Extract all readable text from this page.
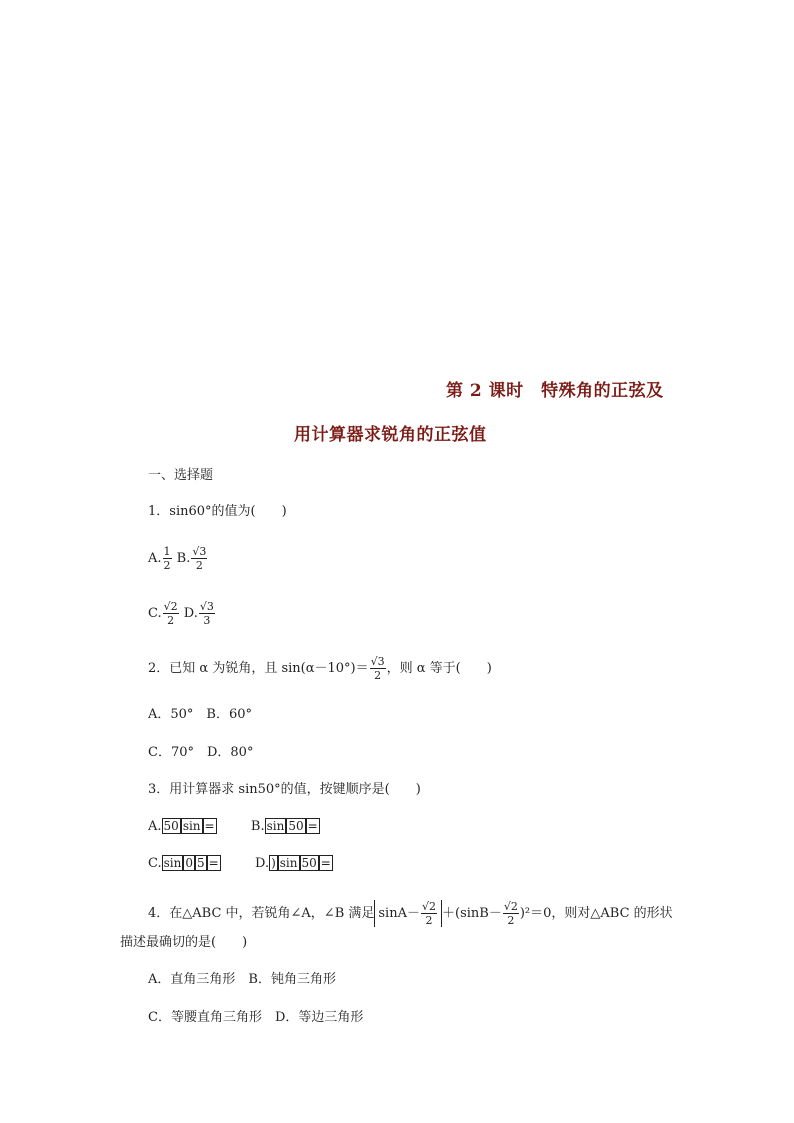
第 2 课时　特殊角的正弦及
用计算器求锐角的正弦值
一、选择题
1．sin60°的值为(　　)
A. $\frac{1}{2} B$. $\frac{√3}{2}$
C. $\frac{√2}{2} D$. $\frac{√3}{3}$
2．已知 α 为锐角，且 $\sin(\alpha-10^\circ)= \frac{√3}{2}$ ，则 α 等于(　　)
A．50°　B．60°
C．70°　D．80°
3．用计算器求 sin50°的值，按键顺序是(　　)
A. 50 sin =	B. sin 50 =
C. sin 0 5 =	D. ) sin 50 =
4．在△ABC 中，若锐角∠A，∠B 满足 $\sin A- \frac{√2}{2} +(\sin B- \frac{√2}{2} )^2=0$，则对△ABC 的形状
描述最确切的是(　　)
A．直角三角形　B．钝角三角形
C．等腰直角三角形　D．等边三角形
